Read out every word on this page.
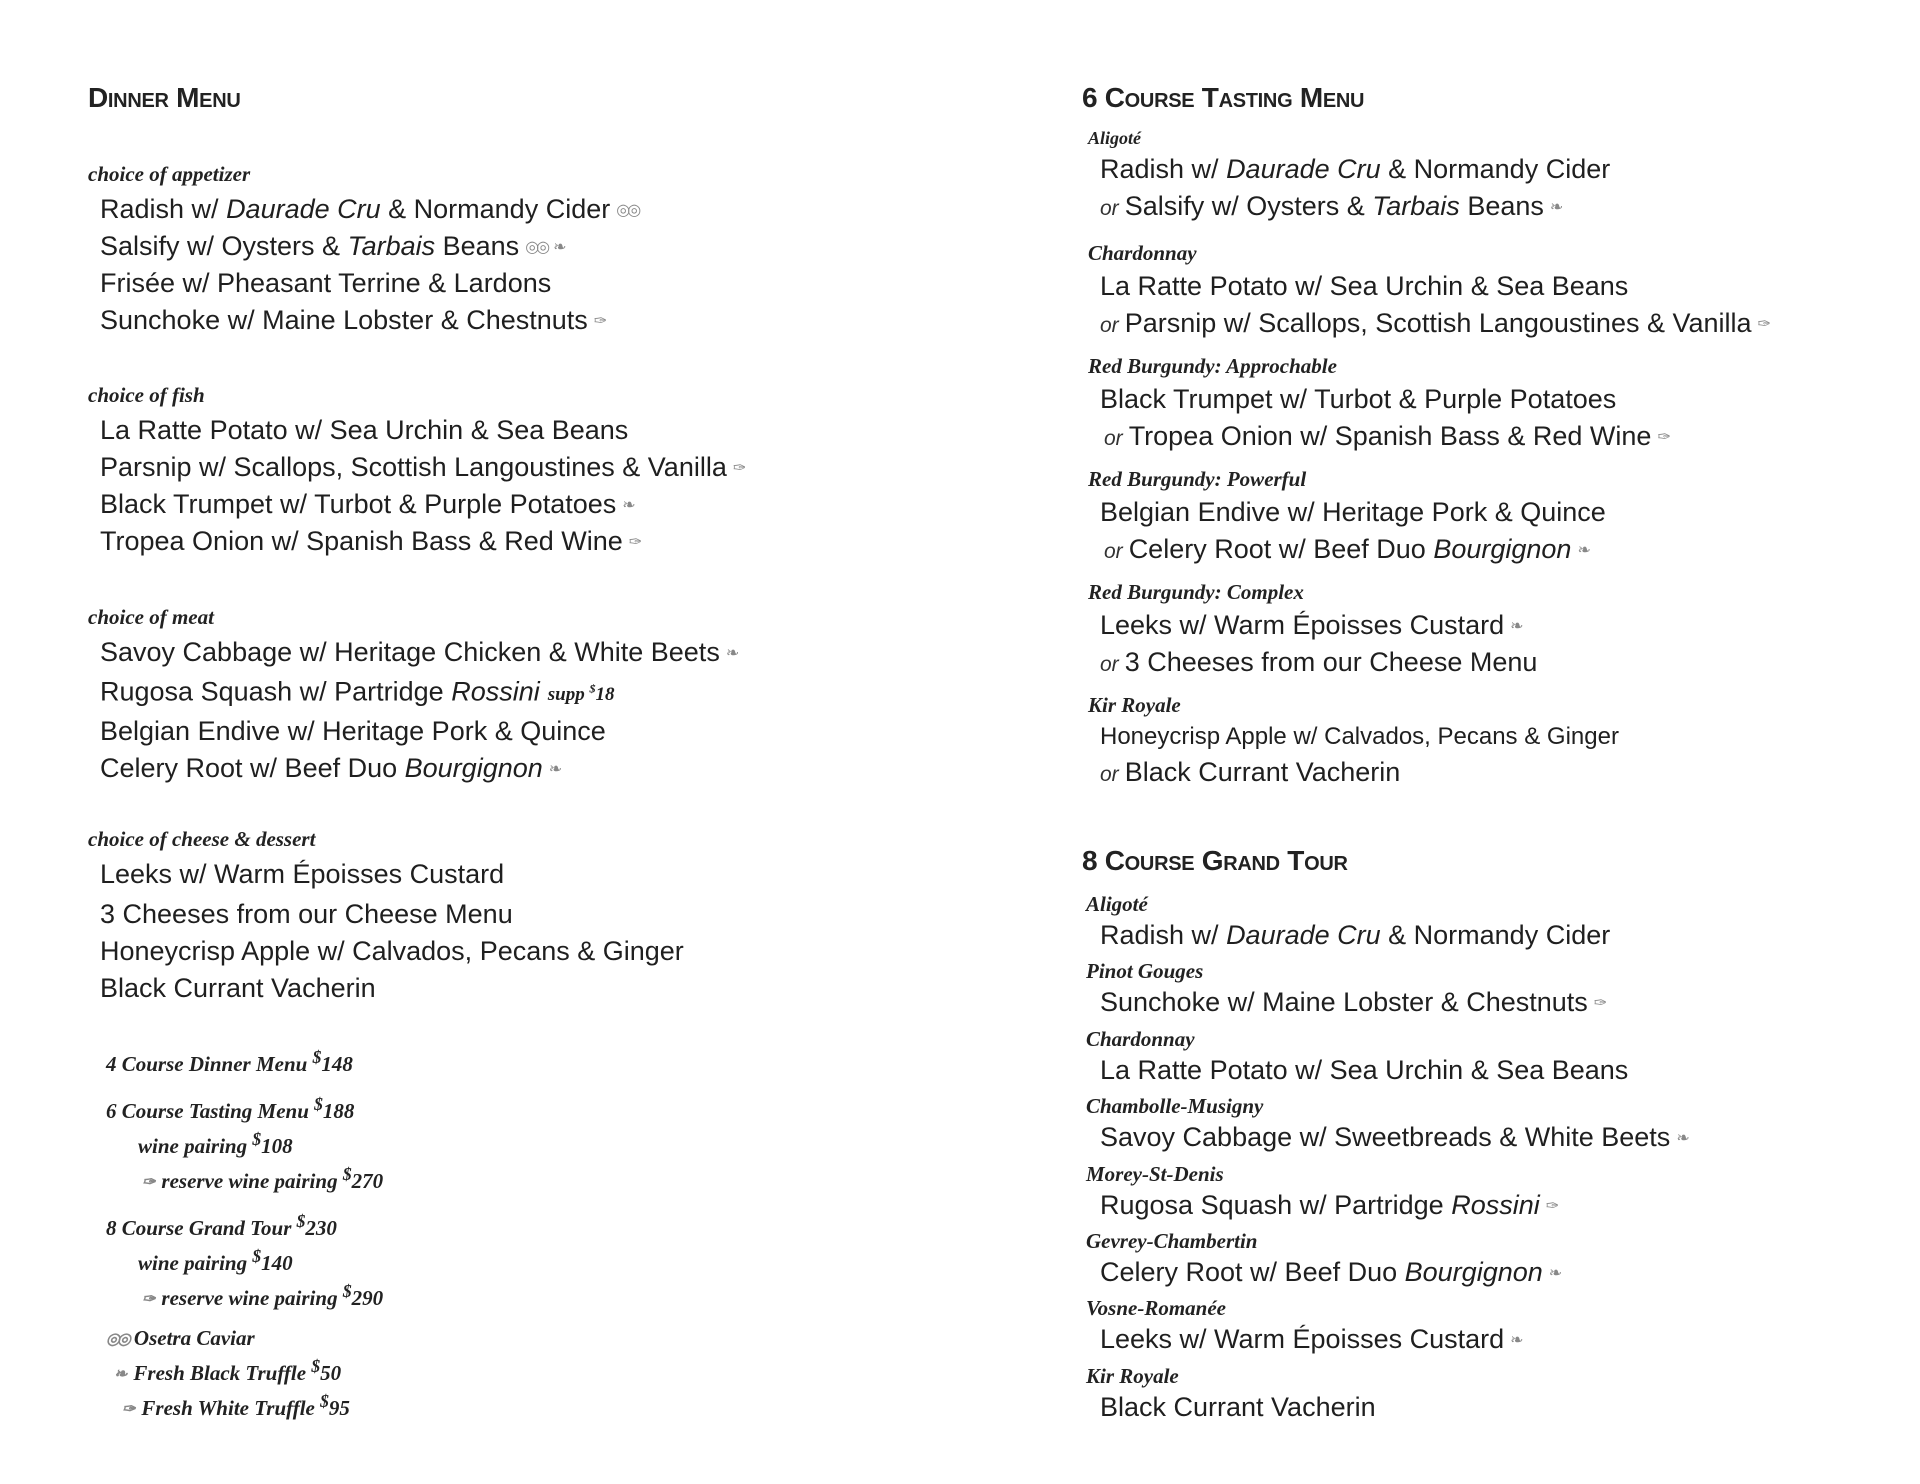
Dinner Menu
choice of appetizer
Radish w/ Daurade Cru & Normandy Cider ◎◎
Salsify w/ Oysters & Tarbais Beans ◎◎ ❧
Frisée w/ Pheasant Terrine & Lardons
Sunchoke w/ Maine Lobster & Chestnuts ✑
choice of fish
La Ratte Potato w/ Sea Urchin & Sea Beans
Parsnip w/ Scallops, Scottish Langoustines & Vanilla ✑
Black Trumpet w/ Turbot & Purple Potatoes ❧
Tropea Onion w/ Spanish Bass & Red Wine ✑
choice of meat
Savoy Cabbage w/ Heritage Chicken & White Beets ❧
Rugosa Squash w/ Partridge Rossini supp $18
Belgian Endive w/ Heritage Pork & Quince
Celery Root w/ Beef Duo Bourgignon ❧
choice of cheese & dessert
Leeks w/ Warm Époisses Custard
3 Cheeses from our Cheese Menu
Honeycrisp Apple w/ Calvados, Pecans & Ginger
Black Currant Vacherin
4 Course Dinner Menu $148
6 Course Tasting Menu $188
wine pairing $108
✑ reserve wine pairing $270
8 Course Grand Tour $230
wine pairing $140
✑ reserve wine pairing $290
◎◎ Osetra Caviar
❧ Fresh Black Truffle $50
✑ Fresh White Truffle $95
6 Course Tasting Menu
Aligoté
Radish w/ Daurade Cru & Normandy Cider
or Salsify w/ Oysters & Tarbais Beans ❧
Chardonnay
La Ratte Potato w/ Sea Urchin & Sea Beans
or Parsnip w/ Scallops, Scottish Langoustines & Vanilla ✑
Red Burgundy: Approchable
Black Trumpet w/ Turbot & Purple Potatoes
or Tropea Onion w/ Spanish Bass & Red Wine ✑
Red Burgundy: Powerful
Belgian Endive w/ Heritage Pork & Quince
or Celery Root w/ Beef Duo Bourgignon ❧
Red Burgundy: Complex
Leeks w/ Warm Époisses Custard ❧
or 3 Cheeses from our Cheese Menu
Kir Royale
Honeycrisp Apple w/ Calvados, Pecans & Ginger
or Black Currant Vacherin
8 Course Grand Tour
Aligoté
Radish w/ Daurade Cru & Normandy Cider
Pinot Gouges
Sunchoke w/ Maine Lobster & Chestnuts ✑
Chardonnay
La Ratte Potato w/ Sea Urchin & Sea Beans
Chambolle-Musigny
Savoy Cabbage w/ Sweetbreads & White Beets ❧
Morey-St-Denis
Rugosa Squash w/ Partridge Rossini ✑
Gevrey-Chambertin
Celery Root w/ Beef Duo Bourgignon ❧
Vosne-Romanée
Leeks w/ Warm Époisses Custard ❧
Kir Royale
Black Currant Vacherin
